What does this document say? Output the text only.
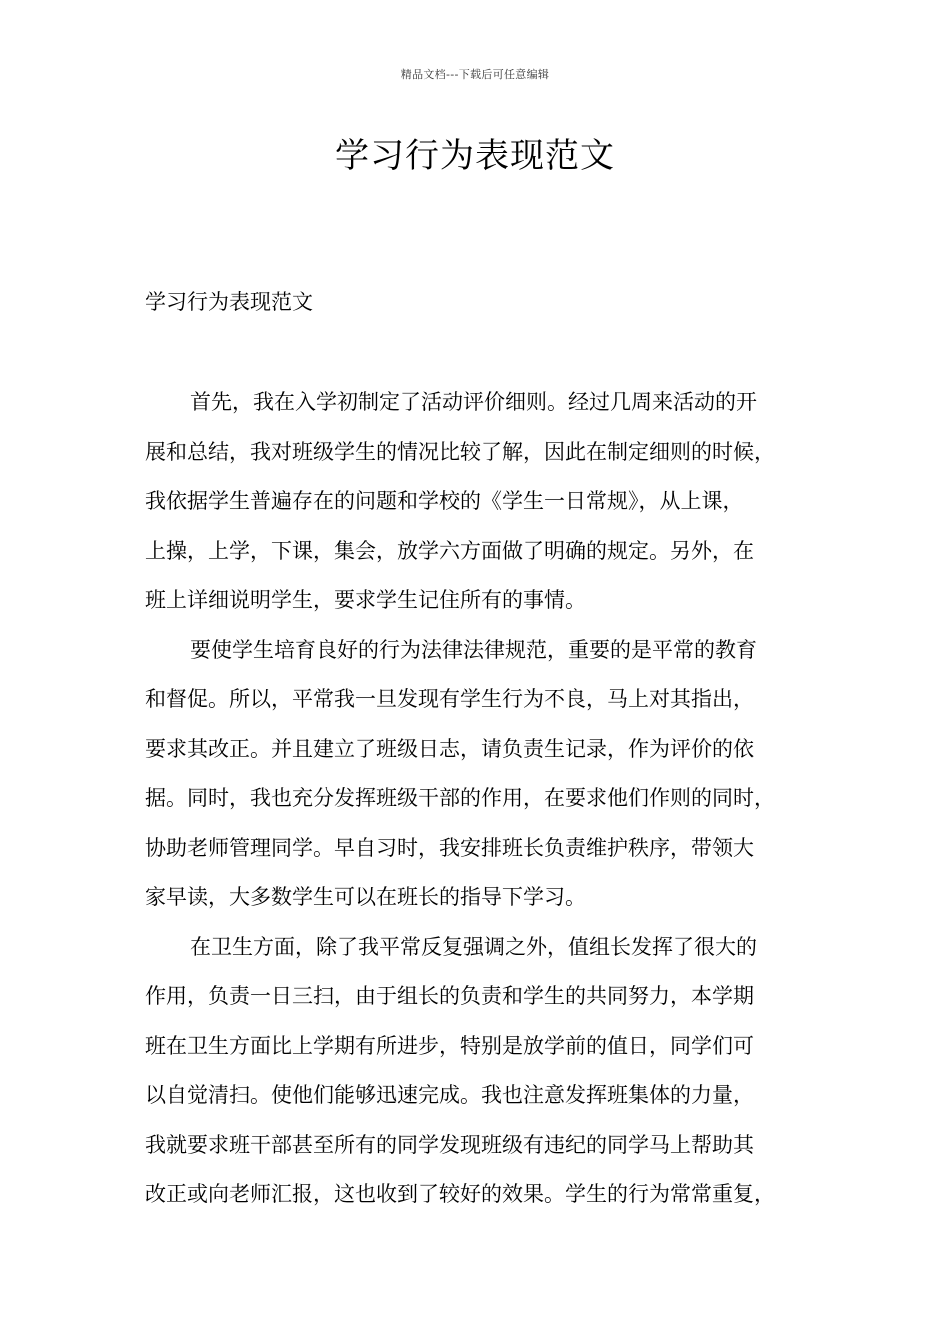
精品文档---下载后可任意编辑
学习行为表现范文

学习行为表现范文

首先，我在入学初制定了活动评价细则。经过几周来活动的开
展和总结，我对班级学生的情况比较了解，因此在制定细则的时候，
我依据学生普遍存在的问题和学校的《学生一日常规》，从上课，
上操，上学，下课，集会，放学六方面做了明确的规定。另外，在
班上详细说明学生，要求学生记住所有的事情。
要使学生培育良好的行为法律法律规范，重要的是平常的教育
和督促。所以，平常我一旦发现有学生行为不良，马上对其指出，
要求其改正。并且建立了班级日志，请负责生记录，作为评价的依
据。同时，我也充分发挥班级干部的作用，在要求他们作则的同时，
协助老师管理同学。早自习时，我安排班长负责维护秩序，带领大
家早读，大多数学生可以在班长的指导下学习。
在卫生方面，除了我平常反复强调之外，值组长发挥了很大的
作用，负责一日三扫，由于组长的负责和学生的共同努力，本学期
班在卫生方面比上学期有所进步，特别是放学前的值日，同学们可
以自觉清扫。使他们能够迅速完成。我也注意发挥班集体的力量，
我就要求班干部甚至所有的同学发现班级有违纪的同学马上帮助其
改正或向老师汇报，这也收到了较好的效果。学生的行为常常重复，
